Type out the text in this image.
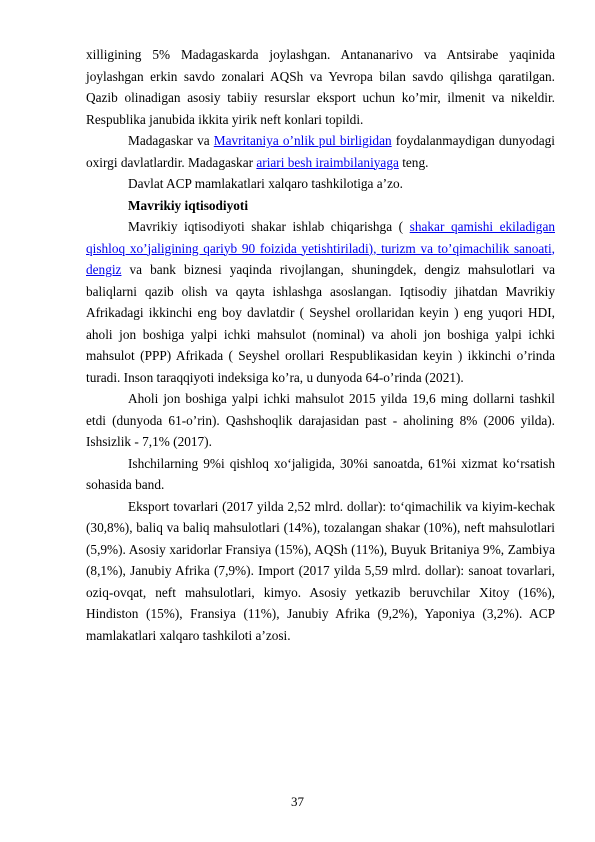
xilligining 5% Madagaskarda joylashgan. Antananarivo va Antsirabe yaqinida joylashgan erkin savdo zonalari AQSh va Yevropa bilan savdo qilishga qaratilgan. Qazib olinadigan asosiy tabiiy resurslar eksport uchun ko’mir, ilmenit va nikeldir. Respublika janubida ikkita yirik neft konlari topildi.

Madagaskar va Mavritaniya o’nlik pul birligidan foydalanmaydigan dunyodagi oxirgi davlatlardir. Madagaskar ariari besh iraimbilaniyaga teng.

Davlat ACP mamlakatlari xalqaro tashkilotiga a’zo.

Mavrikiy iqtisodiyoti

Mavrikiy iqtisodiyoti shakar ishlab chiqarishga ( shakar qamishi ekiladigan qishloq xo’jaligining qariyb 90 foizida yetishtiriladi), turizm va to’qimachilik sanoati, dengiz va bank biznesi yaqinda rivojlangan, shuningdek, dengiz mahsulotlari va baliqlarni qazib olish va qayta ishlashga asoslangan. Iqtisodiy jihatdan Mavrikiy Afrikadagi ikkinchi eng boy davlatdir ( Seyshel orollaridan keyin ) eng yuqori HDI, aholi jon boshiga yalpi ichki mahsulot (nominal) va aholi jon boshiga yalpi ichki mahsulot (PPP) Afrikada ( Seyshel orollari Respublikasidan keyin ) ikkinchi o’rinda turadi. Inson taraqqiyoti indeksiga ko’ra, u dunyoda 64-o’rinda (2021).

Aholi jon boshiga yalpi ichki mahsulot 2015 yilda 19,6 ming dollarni tashkil etdi (dunyoda 61-o’rin). Qashshoqlik darajasidan past - aholining 8% (2006 yilda). Ishsizlik - 7,1% (2017).

Ishchilarning 9%i qishloq xo‘jaligida, 30%i sanoatda, 61%i xizmat ko‘rsatish sohasida band.

Eksport tovarlari (2017 yilda 2,52 mlrd. dollar): to‘qimachilik va kiyim-kechak (30,8%), baliq va baliq mahsulotlari (14%), tozalangan shakar (10%), neft mahsulotlari (5,9%). Asosiy xaridorlar Fransiya (15%), AQSh (11%), Buyuk Britaniya 9%, Zambiya (8,1%), Janubiy Afrika (7,9%). Import (2017 yilda 5,59 mlrd. dollar): sanoat tovarlari, oziq-ovqat, neft mahsulotlari, kimyo. Asosiy yetkazib beruvchilar Xitoy (16%), Hindiston (15%), Fransiya (11%), Janubiy Afrika (9,2%), Yaponiya (3,2%). ACP mamlakatlari xalqaro tashkiloti a’zosi.

37
